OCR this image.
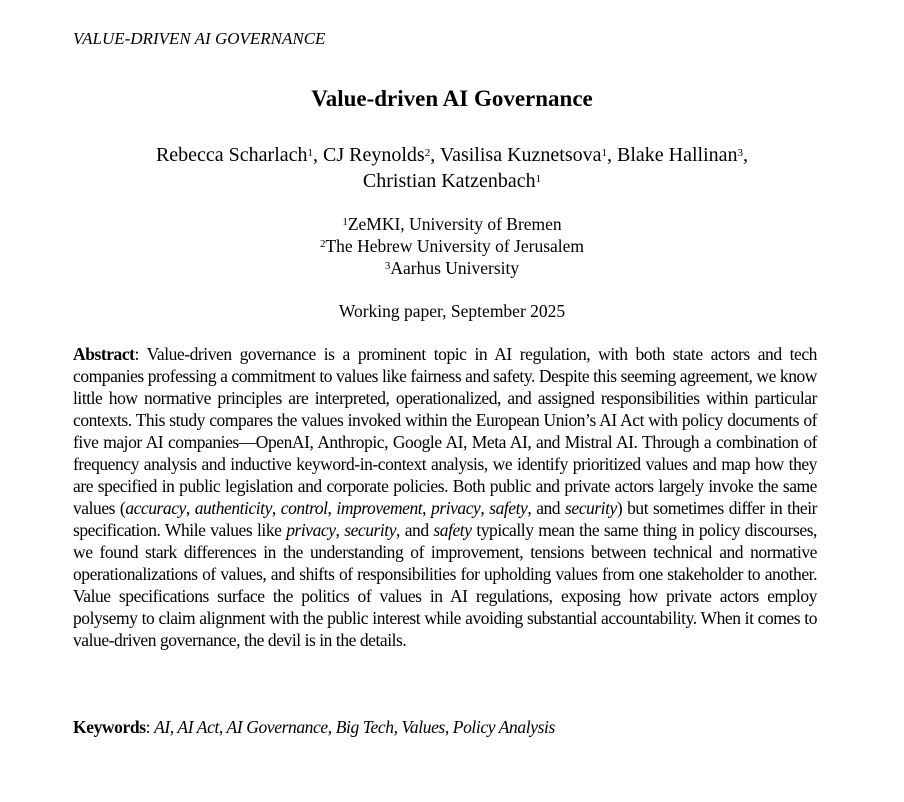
VALUE-DRIVEN AI GOVERNANCE
Value-driven AI Governance
Rebecca Scharlach$^1$, CJ Reynolds$^2$, Vasilisa Kuznetsova$^1$, Blake Hallinan$^3$,
Christian Katzenbach$^1$
$^1$ZeMKI, University of Bremen
$^2$The Hebrew University of Jerusalem
$^3$Aarhus University
Working paper, September 2025

Abstract: Value-driven governance is a prominent topic in AI regulation, with both state actors and tech companies professing a commitment to values like fairness and safety. Despite this seeming agreement, we know little how normative principles are interpreted, operationalized, and assigned responsibilities within particular contexts. This study compares the values invoked within the European Union’s AI Act with policy documents of five major AI companies—OpenAI, Anthropic, Google AI, Meta AI, and Mistral AI. Through a combination of frequency analysis and inductive keyword-in-context analysis, we identify prioritized values and map how they are specified in public legislation and corporate policies. Both public and private actors largely invoke the same values (accuracy, authenticity, control, improvement, privacy, safety, and security) but sometimes differ in their specification. While values like privacy, security, and safety typically mean the same thing in policy discourses, we found stark differences in the understanding of improvement, tensions between technical and normative operationalizations of values, and shifts of responsibilities for upholding values from one stakeholder to another. Value specifications surface the politics of values in AI regulations, exposing how private actors employ polysemy to claim alignment with the public interest while avoiding substantial accountability. When it comes to value-driven governance, the devil is in the details.

Keywords: AI, AI Act, AI Governance, Big Tech, Values, Policy Analysis
